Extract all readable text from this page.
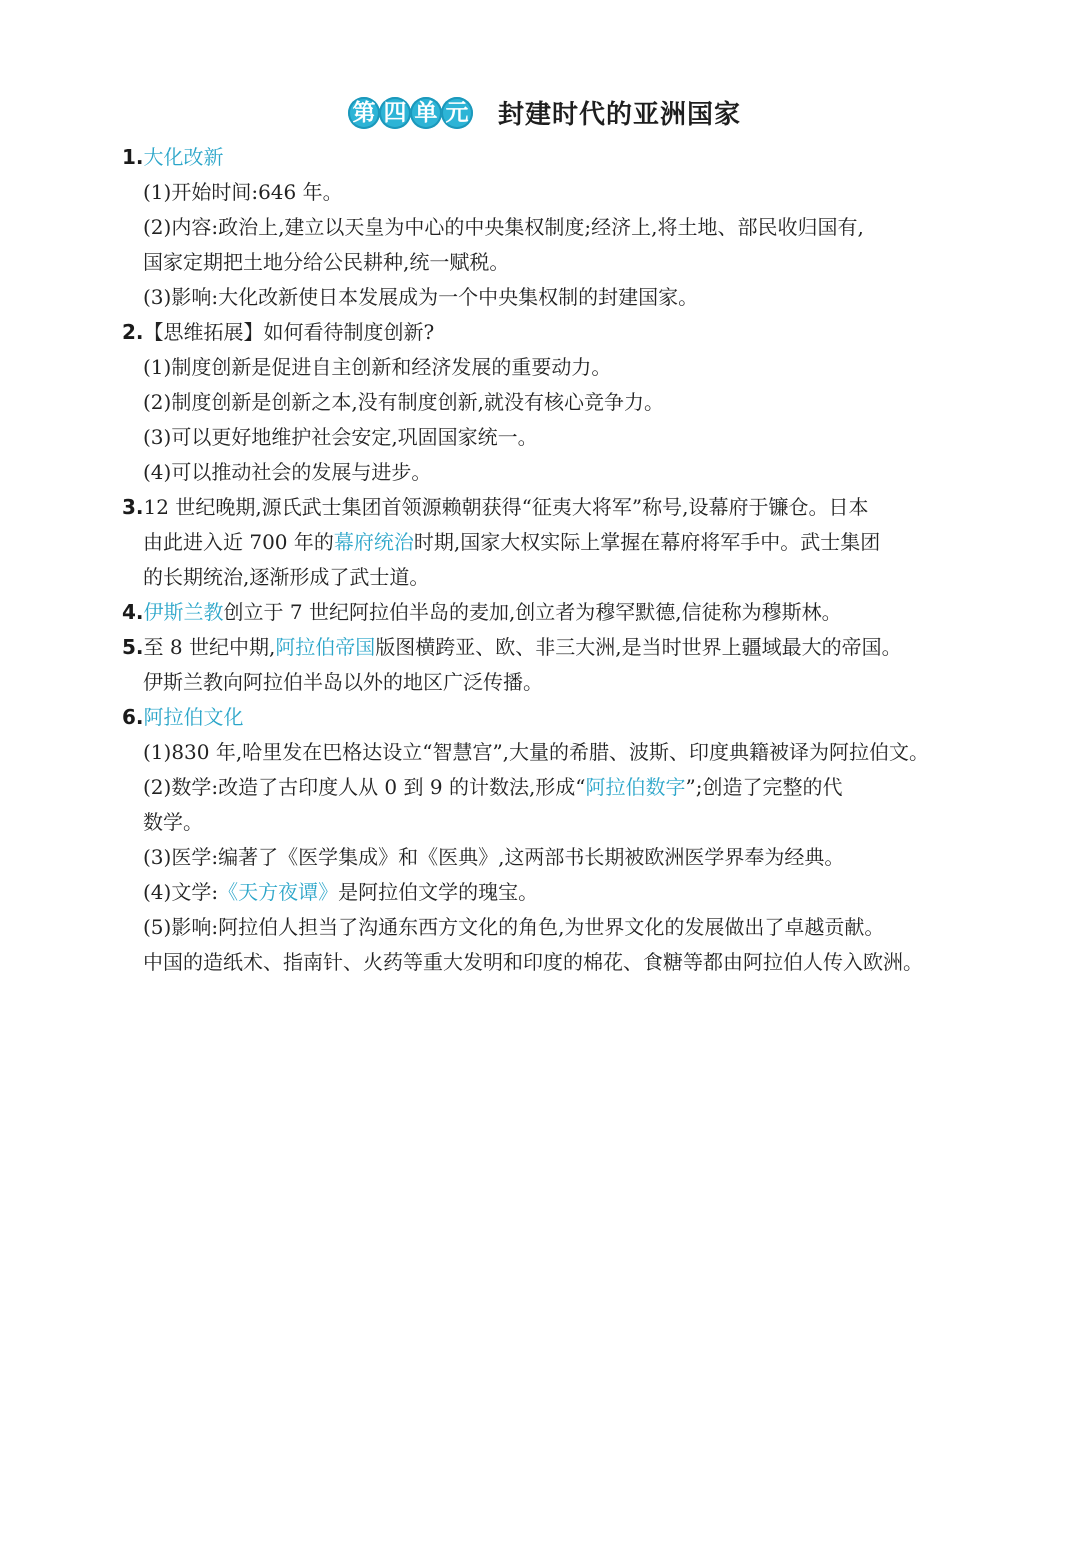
第 四 单 元 封建时代的亚洲国家
1.大化改新
(1)开始时间:646 年。
(2)内容:政治上,建立以天皇为中心的中央集权制度;经济上,将土地、部民收归国有,
国家定期把土地分给公民耕种,统一赋税。
(3)影响:大化改新使日本发展成为一个中央集权制的封建国家。
2.【思维拓展】如何看待制度创新?
(1)制度创新是促进自主创新和经济发展的重要动力。
(2)制度创新是创新之本,没有制度创新,就没有核心竞争力。
(3)可以更好地维护社会安定,巩固国家统一。
(4)可以推动社会的发展与进步。
3.12 世纪晚期,源氏武士集团首领源赖朝获得“征夷大将军”称号,设幕府于镰仓。日本
由此进入近 700 年的幕府统治时期,国家大权实际上掌握在幕府将军手中。武士集团
的长期统治,逐渐形成了武士道。
4.伊斯兰教创立于 7 世纪阿拉伯半岛的麦加,创立者为穆罕默德,信徒称为穆斯林。
5.至 8 世纪中期,阿拉伯帝国版图横跨亚、欧、非三大洲,是当时世界上疆域最大的帝国。
伊斯兰教向阿拉伯半岛以外的地区广泛传播。
6.阿拉伯文化
(1)830 年,哈里发在巴格达设立“智慧宫”,大量的希腊、波斯、印度典籍被译为阿拉伯文。
(2)数学:改造了古印度人从 0 到 9 的计数法,形成“阿拉伯数字”;创造了完整的代
数学。
(3)医学:编著了《医学集成》和《医典》,这两部书长期被欧洲医学界奉为经典。
(4)文学:《天方夜谭》是阿拉伯文学的瑰宝。
(5)影响:阿拉伯人担当了沟通东西方文化的角色,为世界文化的发展做出了卓越贡献。
中国的造纸术、指南针、火药等重大发明和印度的棉花、食糖等都由阿拉伯人传入欧洲。
